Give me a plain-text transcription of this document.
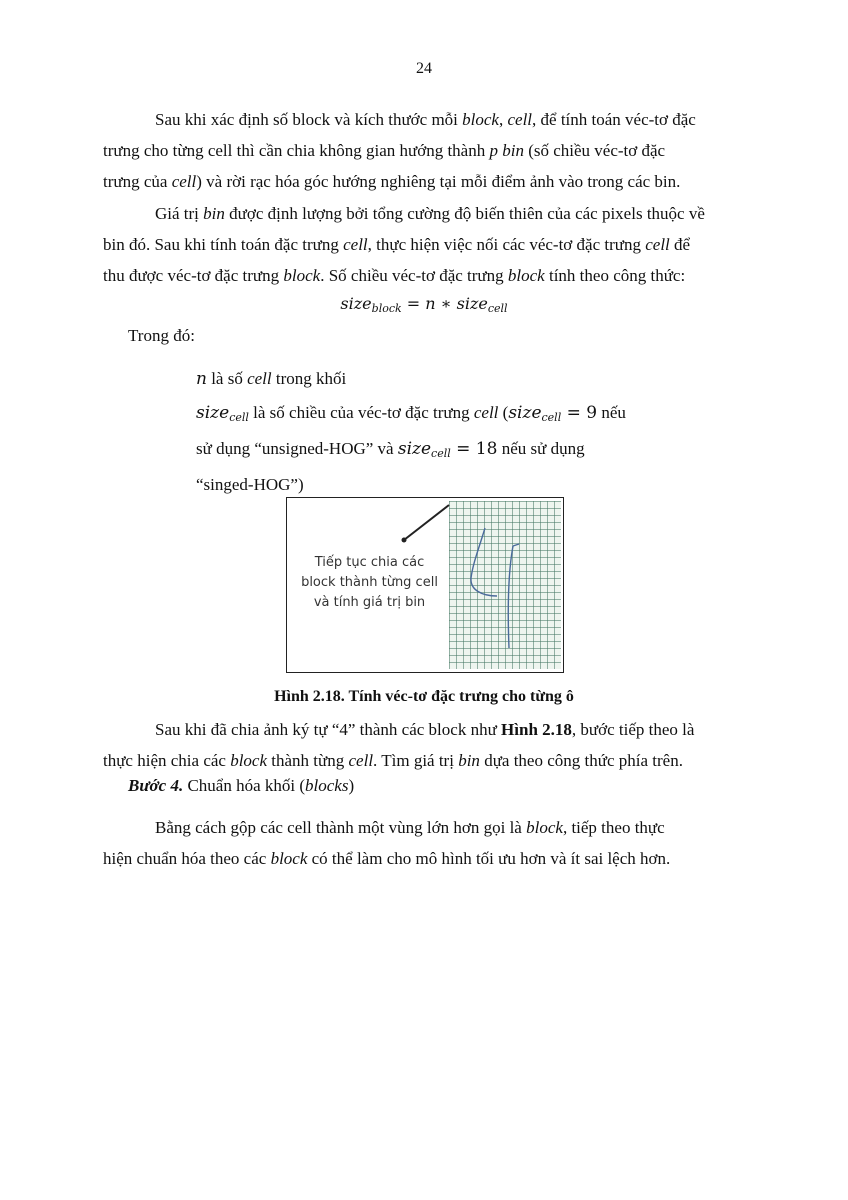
24
Sau khi xác định số block và kích thước mỗi block, cell, để tính toán véc-tơ đặc
trưng cho từng cell thì cần chia không gian hướng thành p bin (số chiều véc-tơ đặc
trưng của cell) và rời rạc hóa góc hướng nghiêng tại mỗi điểm ảnh vào trong các bin.
Giá trị bin được định lượng bởi tổng cường độ biến thiên của các pixels thuộc về
bin đó. Sau khi tính toán đặc trưng cell, thực hiện việc nối các véc-tơ đặc trưng cell để
thu được véc-tơ đặc trưng block. Số chiều véc-tơ đặc trưng block tính theo công thức:
size$_{block}$ = n ∗ size$_{cell}$
Trong đó:
n là số cell trong khối
size$_{cell}$ là số chiều của véc-tơ đặc trưng cell (size$_{cell}$ = 9 nếu
sử dụng “unsigned-HOG” và size$_{cell}$ = 18 nếu sử dụng
“singed-HOG”)
Tiếp tục chia các
block thành từng cell
và tính giá trị bin
Hình 2.18. Tính véc-tơ đặc trưng cho từng ô
Sau khi đã chia ảnh ký tự “4” thành các block như Hình 2.18, bước tiếp theo là
thực hiện chia các block thành từng cell. Tìm giá trị bin dựa theo công thức phía trên.
Bước 4. Chuẩn hóa khối (blocks)
Bằng cách gộp các cell thành một vùng lớn hơn gọi là block, tiếp theo thực
hiện chuẩn hóa theo các block có thể làm cho mô hình tối ưu hơn và ít sai lệch hơn.
